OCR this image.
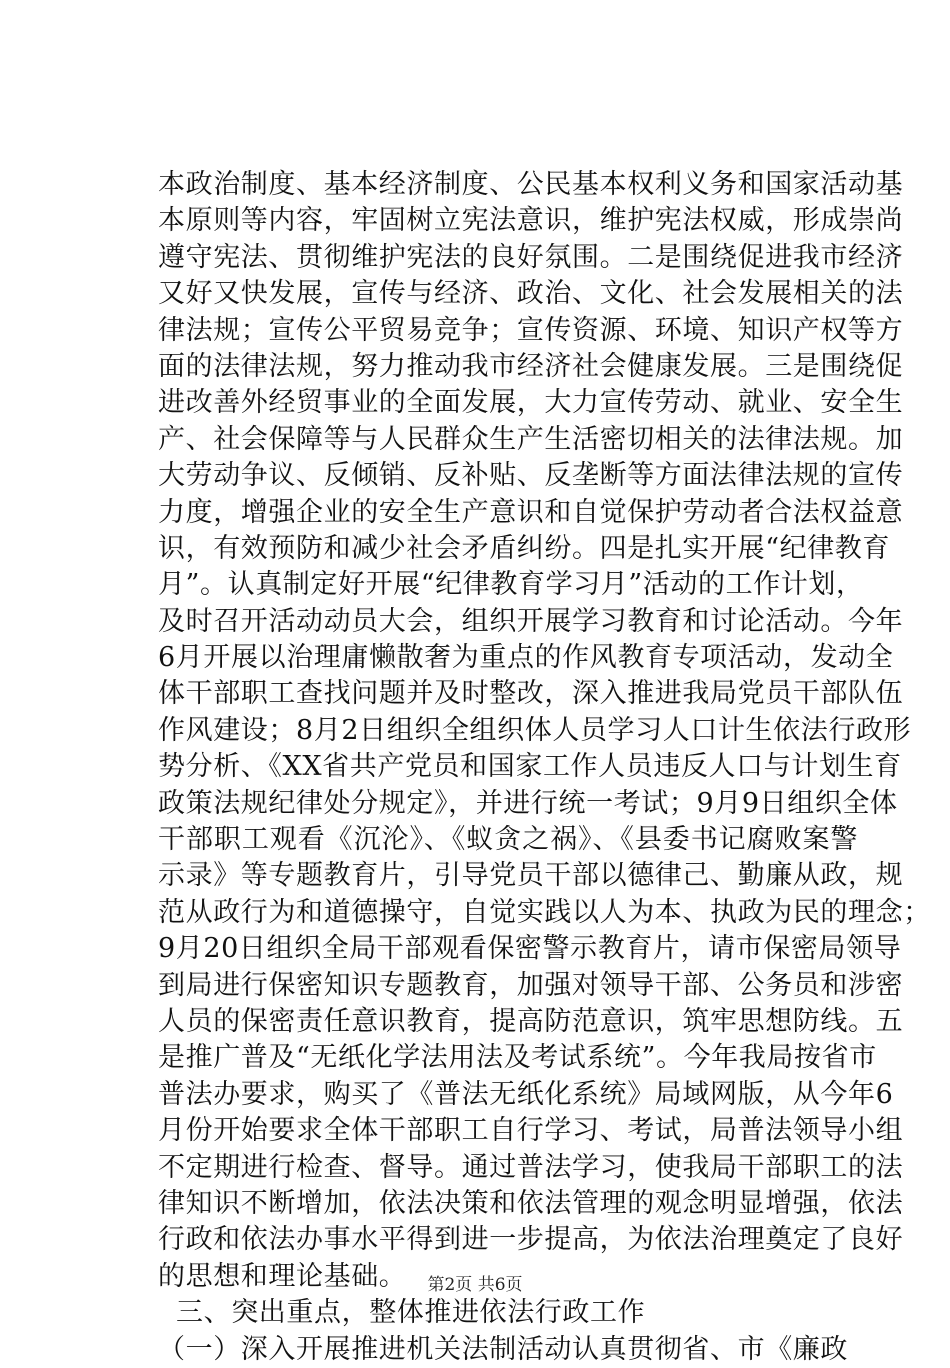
本政治制度、基本经济制度、公民基本权利义务和国家活动基
本原则等内容，牢固树立宪法意识，维护宪法权威，形成崇尚
遵守宪法、贯彻维护宪法的良好氛围。二是围绕促进我市经济
又好又快发展，宣传与经济、政治、文化、社会发展相关的法
律法规；宣传公平贸易竞争；宣传资源、环境、知识产权等方
面的法律法规，努力推动我市经济社会健康发展。三是围绕促
进改善外经贸事业的全面发展，大力宣传劳动、就业、安全生
产、社会保障等与人民群众生产生活密切相关的法律法规。加
大劳动争议、反倾销、反补贴、反垄断等方面法律法规的宣传
力度，增强企业的安全生产意识和自觉保护劳动者合法权益意
识，有效预防和减少社会矛盾纠纷。四是扎实开展“纪律教育
月”。认真制定好开展“纪律教育学习月”活动的工作计划，
及时召开活动动员大会，组织开展学习教育和讨论活动。今年
6月开展以治理庸懒散奢为重点的作风教育专项活动，发动全
体干部职工查找问题并及时整改，深入推进我局党员干部队伍
作风建设；8月2日组织全组织体人员学习人口计生依法行政形
势分析、《XX省共产党员和国家工作人员违反人口与计划生育
政策法规纪律处分规定》，并进行统一考试；9月9日组织全体
干部职工观看《沉沦》、《蚁贪之祸》、《县委书记腐败案警
示录》等专题教育片，引导党员干部以德律己、勤廉从政，规
范从政行为和道德操守，自觉实践以人为本、执政为民的理念；
9月20日组织全局干部观看保密警示教育片，请市保密局领导
到局进行保密知识专题教育，加强对领导干部、公务员和涉密
人员的保密责任意识教育，提高防范意识，筑牢思想防线。五
是推广普及“无纸化学法用法及考试系统”。今年我局按省市
普法办要求，购买了《普法无纸化系统》局域网版，从今年6
月份开始要求全体干部职工自行学习、考试，局普法领导小组
不定期进行检查、督导。通过普法学习，使我局干部职工的法
律知识不断增加，依法决策和依法管理的观念明显增强，依法
行政和依法办事水平得到进一步提高，为依法治理奠定了良好
的思想和理论基础。
三、突出重点，整体推进依法行政工作
（一）深入开展推进机关法制活动认真贯彻省、市《廉政
第2页 共6页
